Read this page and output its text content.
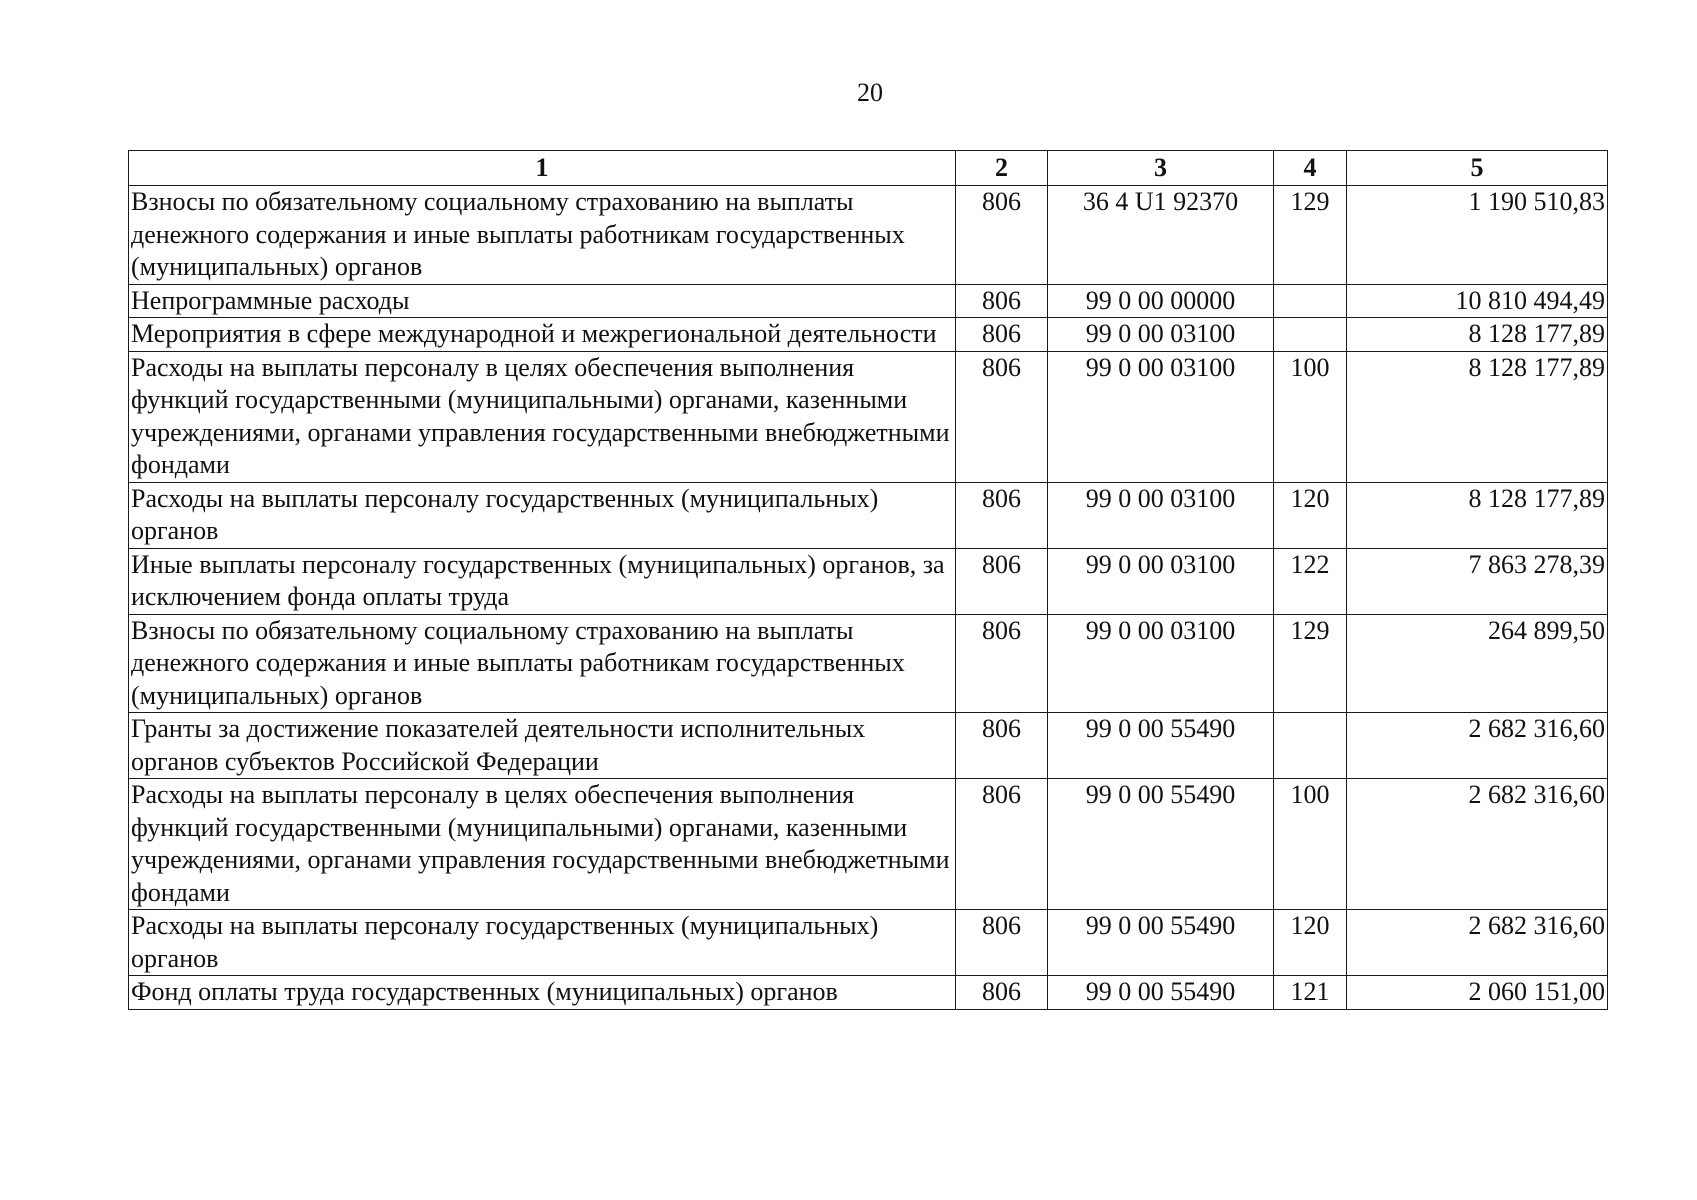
20
1	2	3	4	5
Взносы по обязательному социальному страхованию на выплаты денежного содержания и иные выплаты работникам государственных (муниципальных) органов	806	36 4 U1 92370	129	1 190 510,83
Непрограммные расходы	806	99 0 00 00000		10 810 494,49
Мероприятия в сфере международной и межрегиональной деятельности	806	99 0 00 03100		8 128 177,89
Расходы на выплаты персоналу в целях обеспечения выполнения функций государственными (муниципальными) органами, казенными учреждениями, органами управления государственными внебюджетными фондами	806	99 0 00 03100	100	8 128 177,89
Расходы на выплаты персоналу государственных (муниципальных) органов	806	99 0 00 03100	120	8 128 177,89
Иные выплаты персоналу государственных (муниципальных) органов, за исключением фонда оплаты труда	806	99 0 00 03100	122	7 863 278,39
Взносы по обязательному социальному страхованию на выплаты денежного содержания и иные выплаты работникам государственных (муниципальных) органов	806	99 0 00 03100	129	264 899,50
Гранты за достижение показателей деятельности исполнительных органов субъектов Российской Федерации	806	99 0 00 55490		2 682 316,60
Расходы на выплаты персоналу в целях обеспечения выполнения функций государственными (муниципальными) органами, казенными учреждениями, органами управления государственными внебюджетными фондами	806	99 0 00 55490	100	2 682 316,60
Расходы на выплаты персоналу государственных (муниципальных) органов	806	99 0 00 55490	120	2 682 316,60
Фонд оплаты труда государственных (муниципальных) органов	806	99 0 00 55490	121	2 060 151,00
